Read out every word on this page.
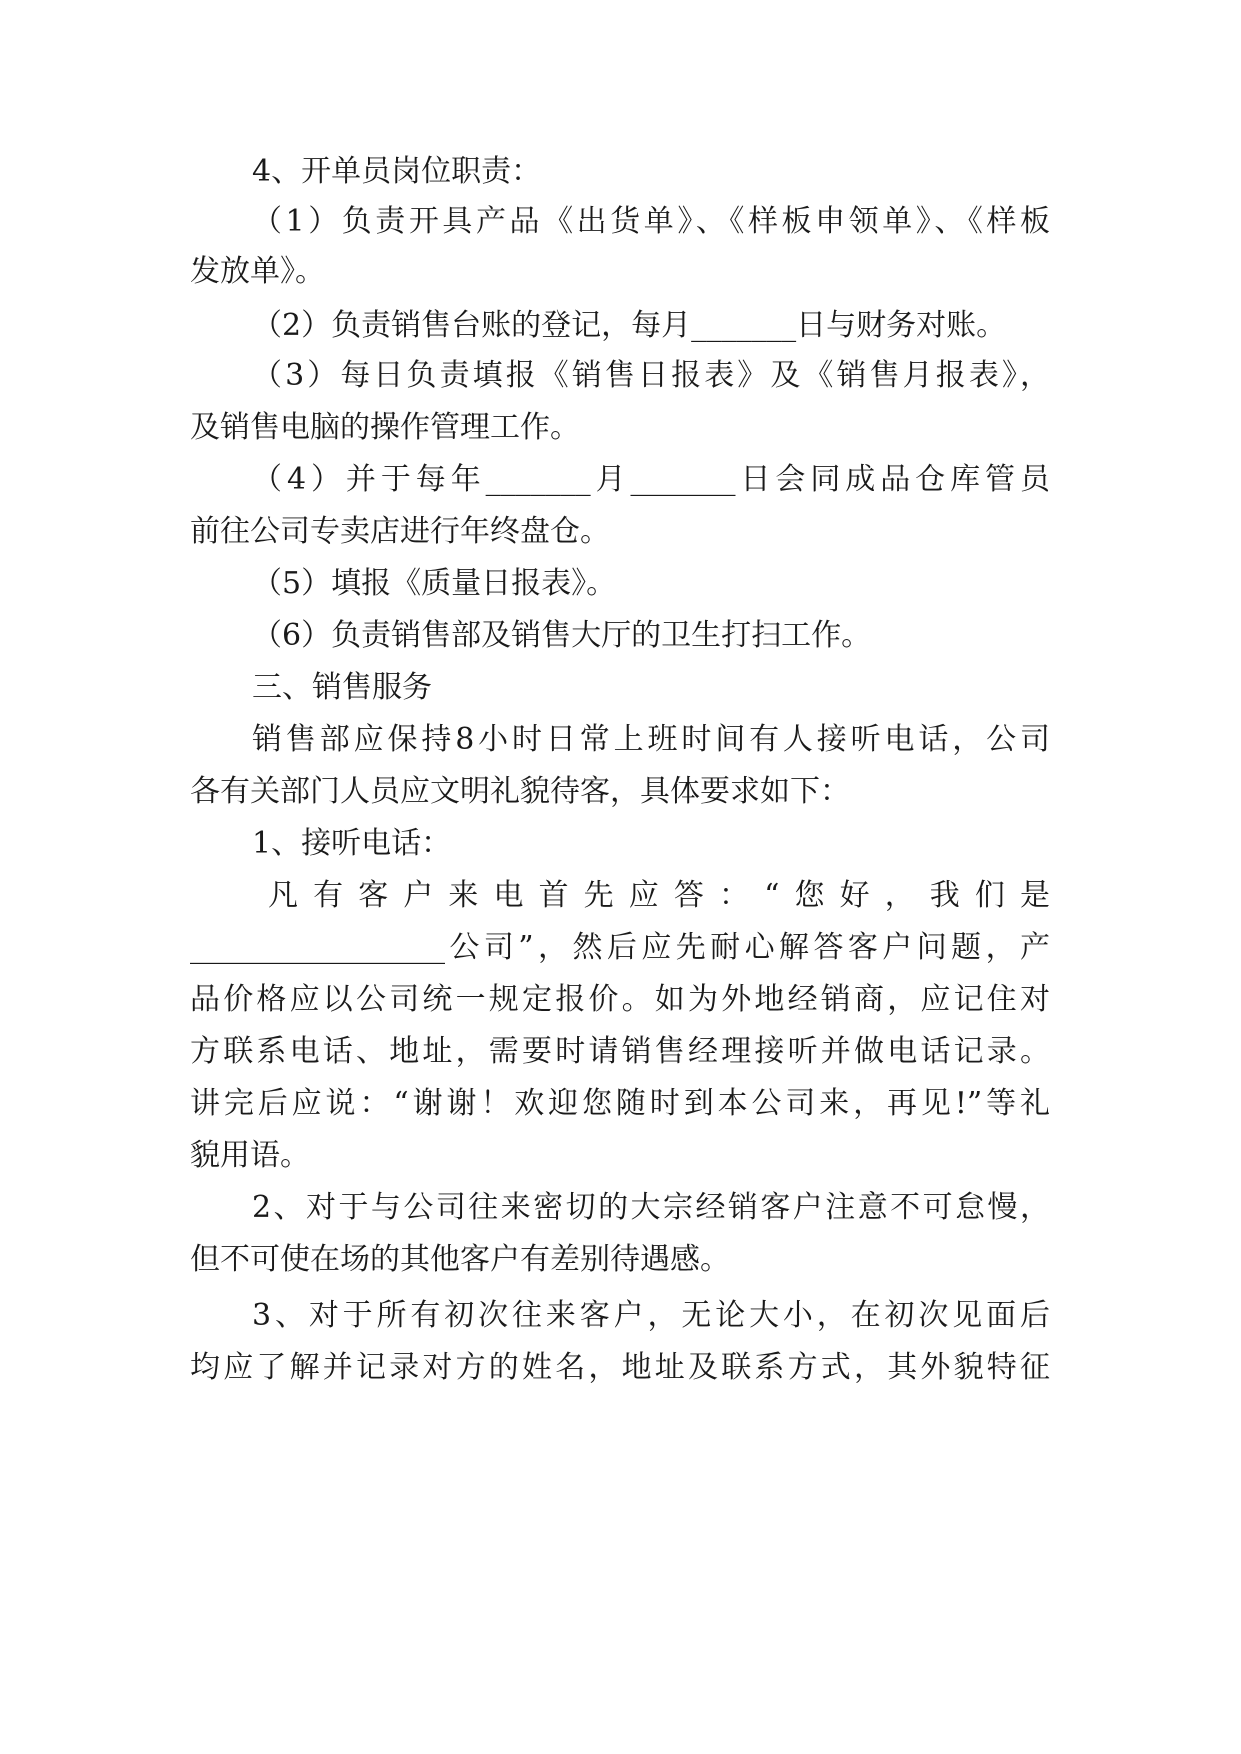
4、开单员岗位职责：
（1）负责开具产品《出货单》、《样板申领单》、《样板
发放单》。
（2）负责销售台账的登记，每月_______日与财务对账。
（3）每日负责填报《销售日报表》及《销售月报表》，
及销售电脑的操作管理工作。
（4）并于每年_______月_______日会同成品仓库管员
前往公司专卖店进行年终盘仓。
（5）填报《质量日报表》。
（6）负责销售部及销售大厅的卫生打扫工作。
三、销售服务
销售部应保持8小时日常上班时间有人接听电话，公司
各有关部门人员应文明礼貌待客，具体要求如下：
1、接听电话：
凡有客户来电首先应答：“您好，我们是
_________________公司”，然后应先耐心解答客户问题，产
品价格应以公司统一规定报价。如为外地经销商，应记住对
方联系电话、地址，需要时请销售经理接听并做电话记录。
讲完后应说：“谢谢！欢迎您随时到本公司来，再见!”等礼
貌用语。
2、对于与公司往来密切的大宗经销客户注意不可怠慢，
但不可使在场的其他客户有差别待遇感。
3、对于所有初次往来客户，无论大小，在初次见面后
均应了解并记录对方的姓名，地址及联系方式，其外貌特征
